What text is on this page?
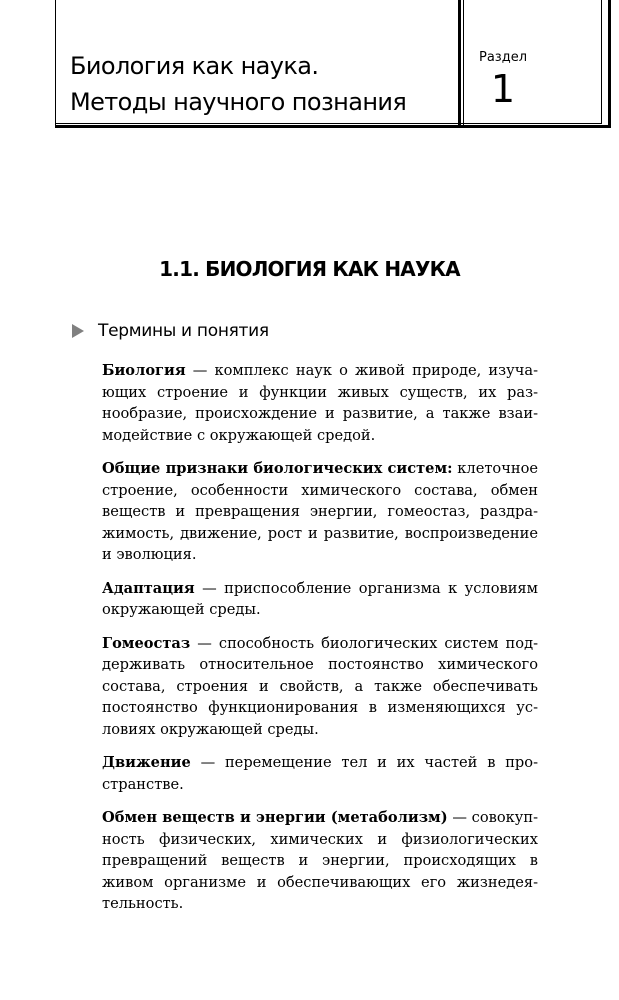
Биология как наука.
Методы научного познания
Раздел
1
1.1. БИОЛОГИЯ КАК НАУКА
Термины и понятия

Биология — комплекс наук о живой природе, изучающих строение и функции живых существ, их разнообразие, происхождение и развитие, а также взаимодействие с окружающей средой.

Общие признаки биологических систем: клеточное строение, особенности химического состава, обмен веществ и превращения энергии, гомеостаз, раздражимость, движение, рост и развитие, воспроизведение и эволюция.

Адаптация — приспособление организма к условиям окружающей среды.

Гомеостаз — способность биологических систем поддерживать относительное постоянство химического состава, строения и свойств, а также обеспечивать постоянство функционирования в изменяющихся условиях окружающей среды.

Движение — перемещение тел и их частей в пространстве.

Обмен веществ и энергии (метаболизм) — совокупность физических, химических и физиологических превращений веществ и энергии, происходящих в живом организме и обеспечивающих его жизнедеятельность.
